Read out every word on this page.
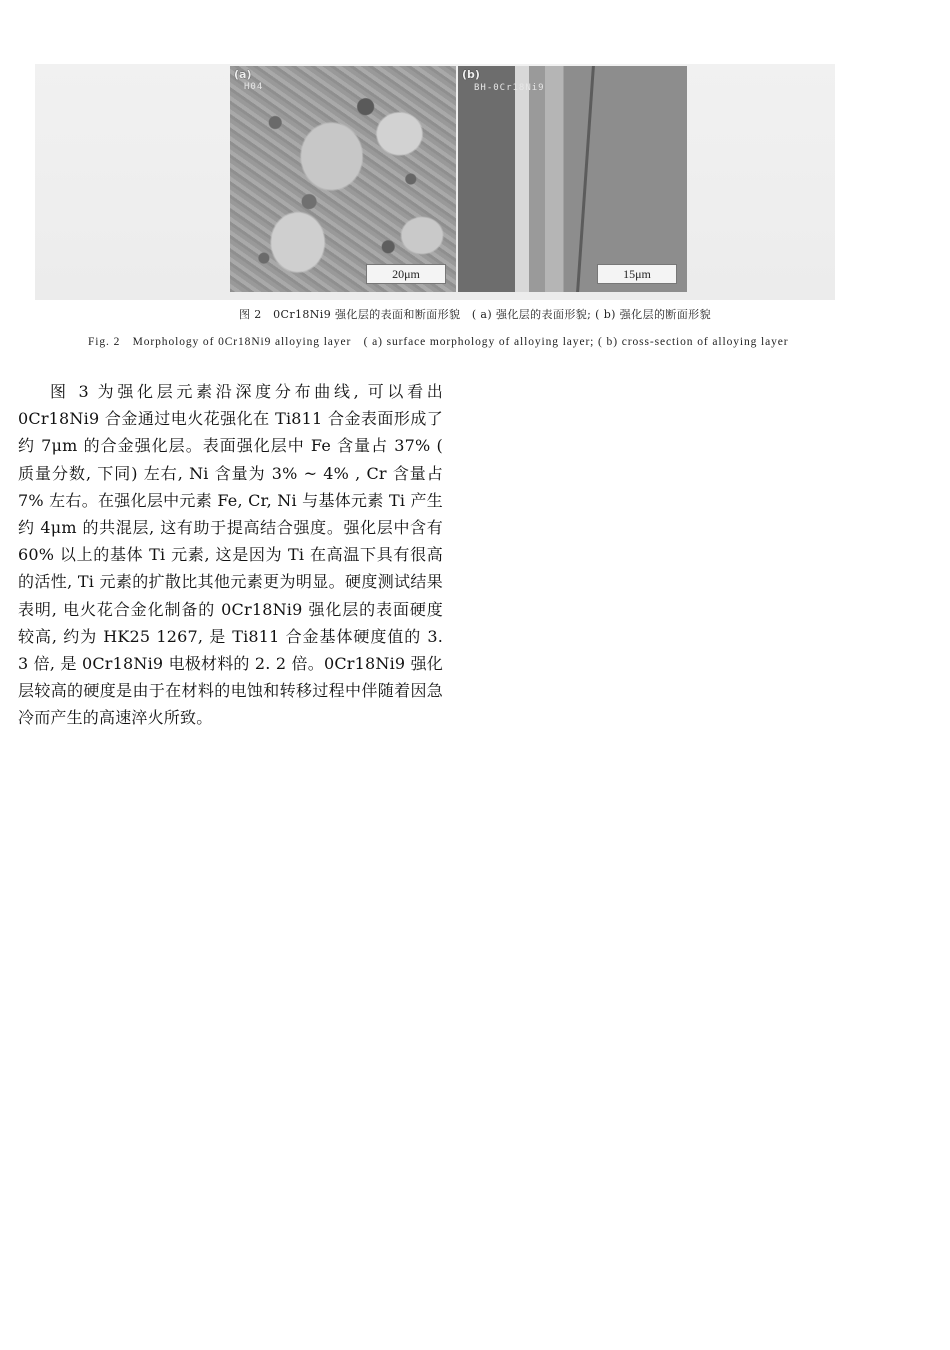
(a)
H04
20μm
(b)
BH-0Cr18Ni9
15μm
图 2　0Cr18Ni9 强化层的表面和断面形貌　( a) 强化层的表面形貌; ( b) 强化层的断面形貌
Fig. 2　Morphology of 0Cr18Ni9 alloying layer　( a) surface morphology of alloying layer; ( b) cross-section of alloying layer

图 3 为强化层元素沿深度分布曲线, 可以看出 0Cr18Ni9 合金通过电火花强化在 Ti811 合金表面形成了约 7μm 的合金强化层。表面强化层中 Fe 含量占 37% ( 质量分数, 下同) 左右, Ni 含量为 3% ~ 4% , Cr 含量占 7% 左右。在强化层中元素 Fe, Cr, Ni 与基体元素 Ti 产生约 4μm 的共混层, 这有助于提高结合强度。强化层中含有 60% 以上的基体 Ti 元素, 这是因为 Ti 在高温下具有很高的活性, Ti 元素的扩散比其他元素更为明显。硬度测试结果表明, 电火花合金化制备的 0Cr18Ni9 强化层的表面硬度较高, 约为 HK25 1267, 是 Ti811 合金基体硬度值的 3. 3 倍, 是 0Cr18Ni9 电极材料的 2. 2 倍。0Cr18Ni9 强化层较高的硬度是由于在材料的电蚀和转移过程中伴随着因急冷而产生的高速淬火所致。
